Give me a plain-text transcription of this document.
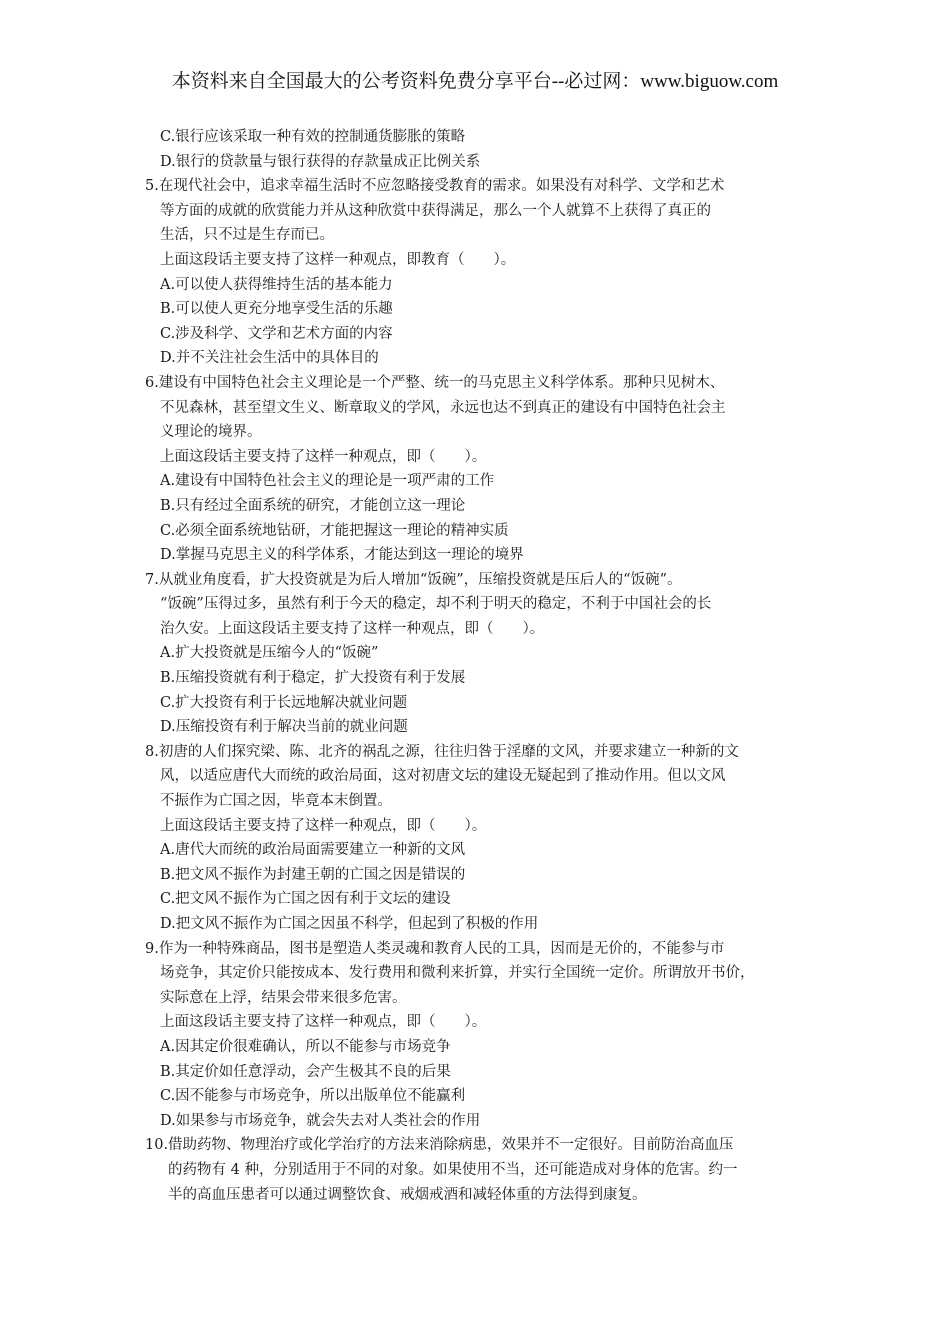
本资料来自全国最大的公考资料免费分享平台--必过网：www.biguow.com
C.银行应该采取一种有效的控制通货膨胀的策略
D.银行的贷款量与银行获得的存款量成正比例关系
5.在现代社会中，追求幸福生活时不应忽略接受教育的需求。如果没有对科学、文学和艺术
等方面的成就的欣赏能力并从这种欣赏中获得满足，那么一个人就算不上获得了真正的
生活，只不过是生存而已。
上面这段话主要支持了这样一种观点，即教育（　　）。
A.可以使人获得维持生活的基本能力
B.可以使人更充分地享受生活的乐趣
C.涉及科学、文学和艺术方面的内容
D.并不关注社会生活中的具体目的
6.建设有中国特色社会主义理论是一个严整、统一的马克思主义科学体系。那种只见树木、
不见森林，甚至望文生义、断章取义的学风，永远也达不到真正的建设有中国特色社会主
义理论的境界。
上面这段话主要支持了这样一种观点，即（　　）。
A.建设有中国特色社会主义的理论是一项严肃的工作
B.只有经过全面系统的研究，才能创立这一理论
C.必须全面系统地钻研，才能把握这一理论的精神实质
D.掌握马克思主义的科学体系，才能达到这一理论的境界
7.从就业角度看，扩大投资就是为后人增加“饭碗”，压缩投资就是压后人的“饭碗”。
“饭碗”压得过多，虽然有利于今天的稳定，却不利于明天的稳定，不利于中国社会的长
治久安。上面这段话主要支持了这样一种观点，即（　　）。
A.扩大投资就是压缩今人的“饭碗”
B.压缩投资就有利于稳定，扩大投资有利于发展
C.扩大投资有利于长远地解决就业问题
D.压缩投资有利于解决当前的就业问题
8.初唐的人们探究梁、陈、北齐的祸乱之源，往往归咎于淫靡的文风，并要求建立一种新的文
风，以适应唐代大而统的政治局面，这对初唐文坛的建设无疑起到了推动作用。但以文风
不振作为亡国之因，毕竟本末倒置。
上面这段话主要支持了这样一种观点，即（　　）。
A.唐代大而统的政治局面需要建立一种新的文风
B.把文风不振作为封建王朝的亡国之因是错误的
C.把文风不振作为亡国之因有利于文坛的建设
D.把文风不振作为亡国之因虽不科学，但起到了积极的作用
9.作为一种特殊商品，图书是塑造人类灵魂和教育人民的工具，因而是无价的，不能参与市
场竞争，其定价只能按成本、发行费用和微利来折算，并实行全国统一定价。所谓放开书价，
实际意在上浮，结果会带来很多危害。
上面这段话主要支持了这样一种观点，即（　　）。
A.因其定价很难确认，所以不能参与市场竞争
B.其定价如任意浮动，会产生极其不良的后果
C.因不能参与市场竞争，所以出版单位不能赢利
D.如果参与市场竞争，就会失去对人类社会的作用
10.借助药物、物理治疗或化学治疗的方法来消除病患，效果并不一定很好。目前防治高血压
的药物有 4 种，分别适用于不同的对象。如果使用不当，还可能造成对身体的危害。约一
半的高血压患者可以通过调整饮食、戒烟戒酒和减轻体重的方法得到康复。
